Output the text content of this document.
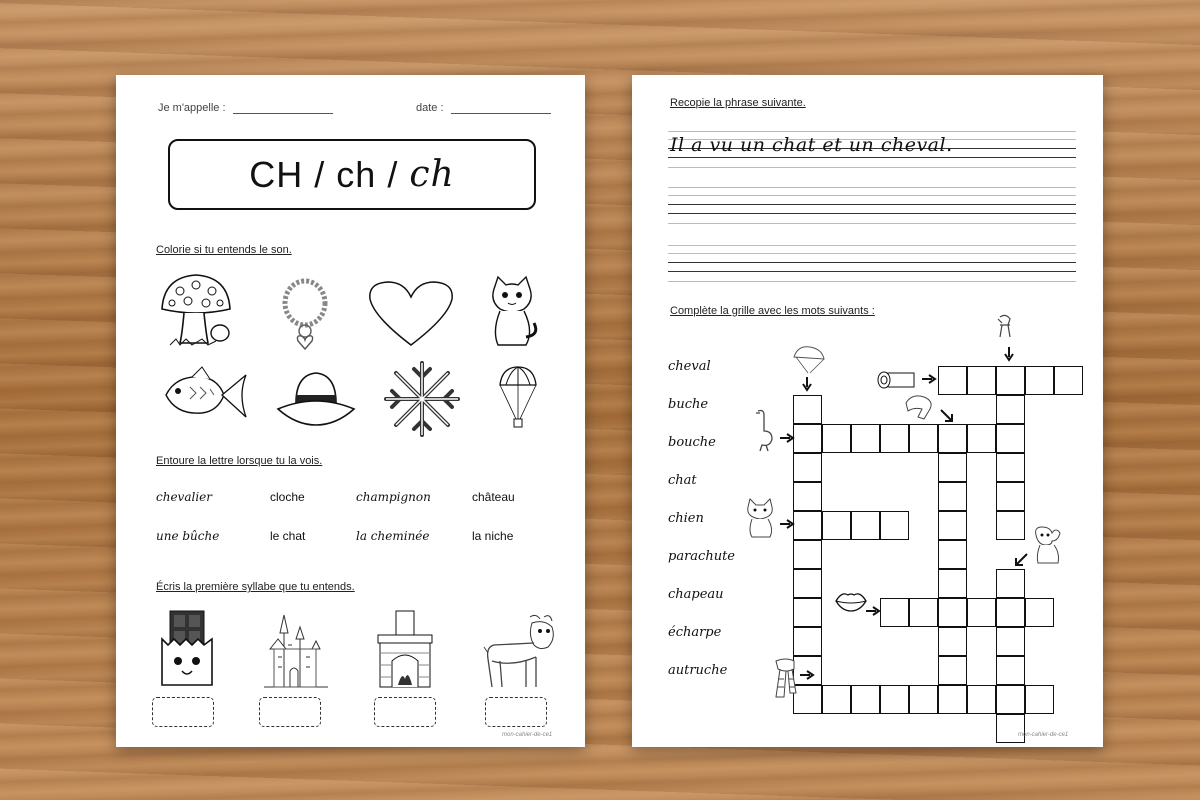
Je m'appelle :	date :
CH
/
ch
/
ch
Colorie si tu entends le son.
Entoure la lettre lorsque tu la vois.
chevalier	cloche	champignon	château
une bûche	le chat	la cheminée	la niche
Écris la première syllabe que tu entends.
mon-cahier-de-ce1
Recopie la phrase suivante.
Il a vu un chat et un cheval.
Complète la grille avec les mots suivants :
cheval
buche
bouche
chat
chien
parachute
chapeau
écharpe
autruche
mon-cahier-de-ce1
